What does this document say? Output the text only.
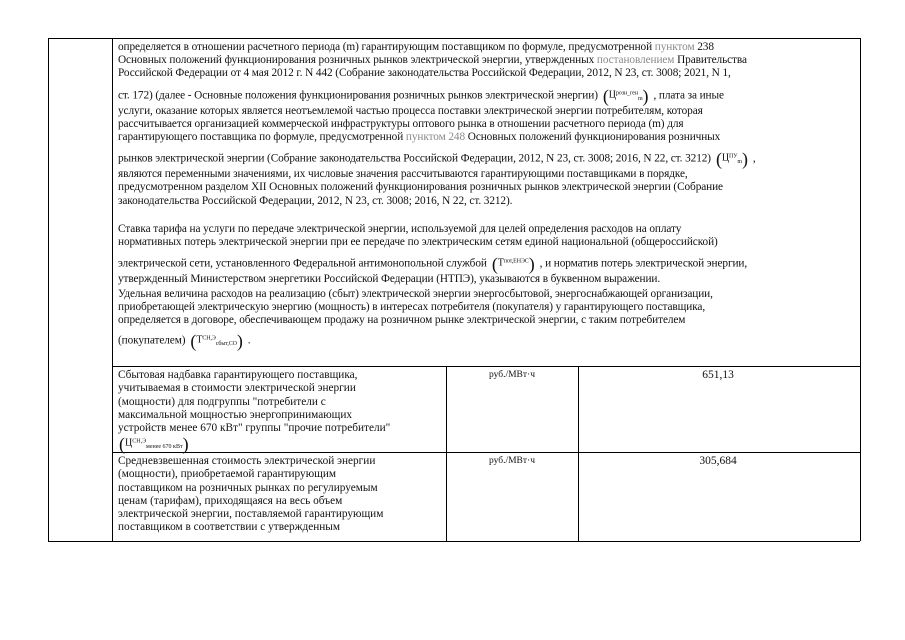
определяется в отношении расчетного периода (m) гарантирующим поставщиком по формуле, предусмотренной пунктом 238
Основных положений функционирования розничных рынков электрической энергии, утвержденных постановлением Правительства
Российской Федерации от 4 мая 2012 г. N 442 (Собрание законодательства Российской Федерации, 2012, N 23, ст. 3008; 2021, N 1,
ст. 172) (далее - Основные положения функционирования розничных рынков электрической энергии) $(Ц^{розн\_ген}_m)$ , плата за иные
услуги, оказание которых является неотъемлемой частью процесса поставки электрической энергии потребителям, которая
рассчитывается организацией коммерческой инфраструктуры оптового рынка в отношении расчетного периода (m) для
гарантирующего поставщика по формуле, предусмотренной пунктом 248 Основных положений функционирования розничных
рынков электрической энергии (Собрание законодательства Российской Федерации, 2012, N 23, ст. 3008; 2016, N 22, ст. 3212) $(Ц^{ПУ}_m)$ ,
являются переменными значениями, их числовые значения рассчитываются гарантирующими поставщиками в порядке,
предусмотренном разделом XII Основных положений функционирования розничных рынков электрической энергии (Собрание
законодательства Российской Федерации, 2012, N 23, ст. 3008; 2016, N 22, ст. 3212).
Ставка тарифа на услуги по передаче электрической энергии, используемой для целей определения расходов на оплату
нормативных потерь электрической энергии при ее передаче по электрическим сетям единой национальной (общероссийской)
электрической сети, установленного Федеральной антимонопольной службой $(Т^{пот,ЕНЭС})$ , и норматив потерь электрической энергии,
утвержденный Министерством энергетики Российской Федерации (НТПЭ), указываются в буквенном выражении.
Удельная величина расходов на реализацию (сбыт) электрической энергии энергосбытовой, энергоснабжающей организации,
приобретающей электрическую энергию (мощность) в интересах потребителя (покупателя) у гарантирующего поставщика,
определяется в договоре, обеспечивающем продажу на розничном рынке электрической энергии, с таким потребителем
(покупателем) $(Т^{СН,Э}_{сбыт,СО})$ .
Сбытовая надбавка гарантирующего поставщика,
учитываемая в стоимости электрической энергии
(мощности) для подгруппы "потребители с
максимальной мощностью энергопринимающих
устройств менее 670 кВт" группы "прочие потребители"
$(Ц^{СН,Э}_{менее 670 кВт})$
руб./МВт·ч	651,13
Средневзвешенная стоимость электрической энергии
(мощности), приобретаемой гарантирующим
поставщиком на розничных рынках по регулируемым
ценам (тарифам), приходящаяся на весь объем
электрической энергии, поставляемой гарантирующим
поставщиком в соответствии с утвержденным
руб./МВт·ч	305,684
